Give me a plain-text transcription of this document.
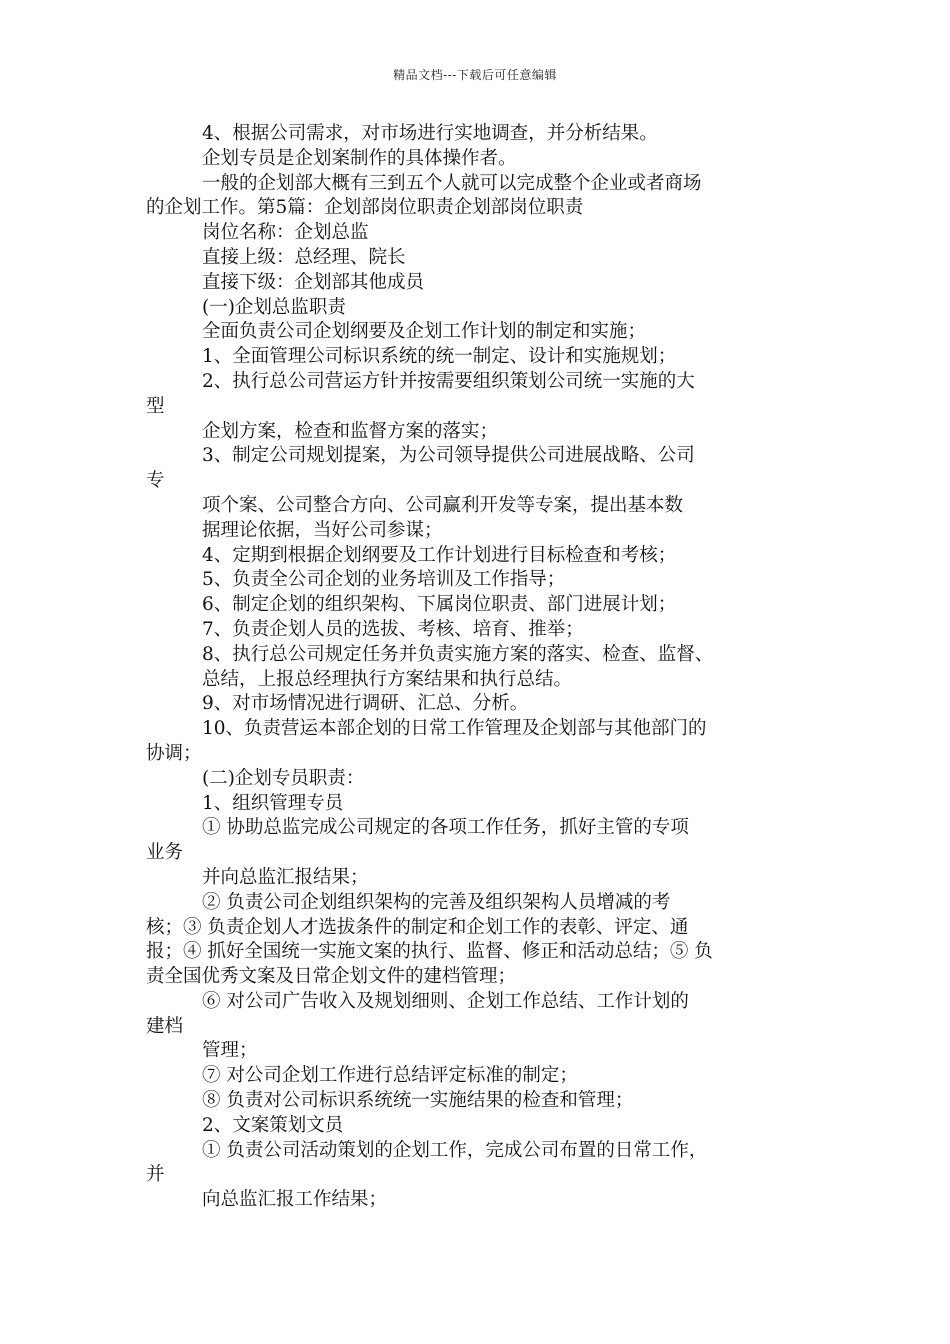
精品文档---下载后可任意编辑
4、根据公司需求，对市场进行实地调查，并分析结果。
企划专员是企划案制作的具体操作者。
一般的企划部大概有三到五个人就可以完成整个企业或者商场
的企划工作。第5篇：企划部岗位职责企划部岗位职责
岗位名称：企划总监
直接上级：总经理、院长
直接下级：企划部其他成员
(一)企划总监职责
全面负责公司企划纲要及企划工作计划的制定和实施；
1、全面管理公司标识系统的统一制定、设计和实施规划；
2、执行总公司营运方针并按需要组织策划公司统一实施的大
型
企划方案，检查和监督方案的落实；
3、制定公司规划提案，为公司领导提供公司进展战略、公司
专
项个案、公司整合方向、公司赢利开发等专案，提出基本数
据理论依据，当好公司参谋；
4、定期到根据企划纲要及工作计划进行目标检查和考核；
5、负责全公司企划的业务培训及工作指导；
6、制定企划的组织架构、下属岗位职责、部门进展计划；
7、负责企划人员的选拔、考核、培育、推举；
8、执行总公司规定任务并负责实施方案的落实、检查、监督、
总结，上报总经理执行方案结果和执行总结。
9、对市场情况进行调研、汇总、分析。
10、负责营运本部企划的日常工作管理及企划部与其他部门的
协调；
(二)企划专员职责：
1、组织管理专员
① 协助总监完成公司规定的各项工作任务，抓好主管的专项
业务
并向总监汇报结果；
② 负责公司企划组织架构的完善及组织架构人员增减的考
核；③ 负责企划人才选拔条件的制定和企划工作的表彰、评定、通
报；④ 抓好全国统一实施文案的执行、监督、修正和活动总结；⑤ 负
责全国优秀文案及日常企划文件的建档管理；
⑥ 对公司广告收入及规划细则、企划工作总结、工作计划的
建档
管理；
⑦ 对公司企划工作进行总结评定标准的制定；
⑧ 负责对公司标识系统统一实施结果的检查和管理；
2、文案策划文员
① 负责公司活动策划的企划工作，完成公司布置的日常工作，
并
向总监汇报工作结果；
